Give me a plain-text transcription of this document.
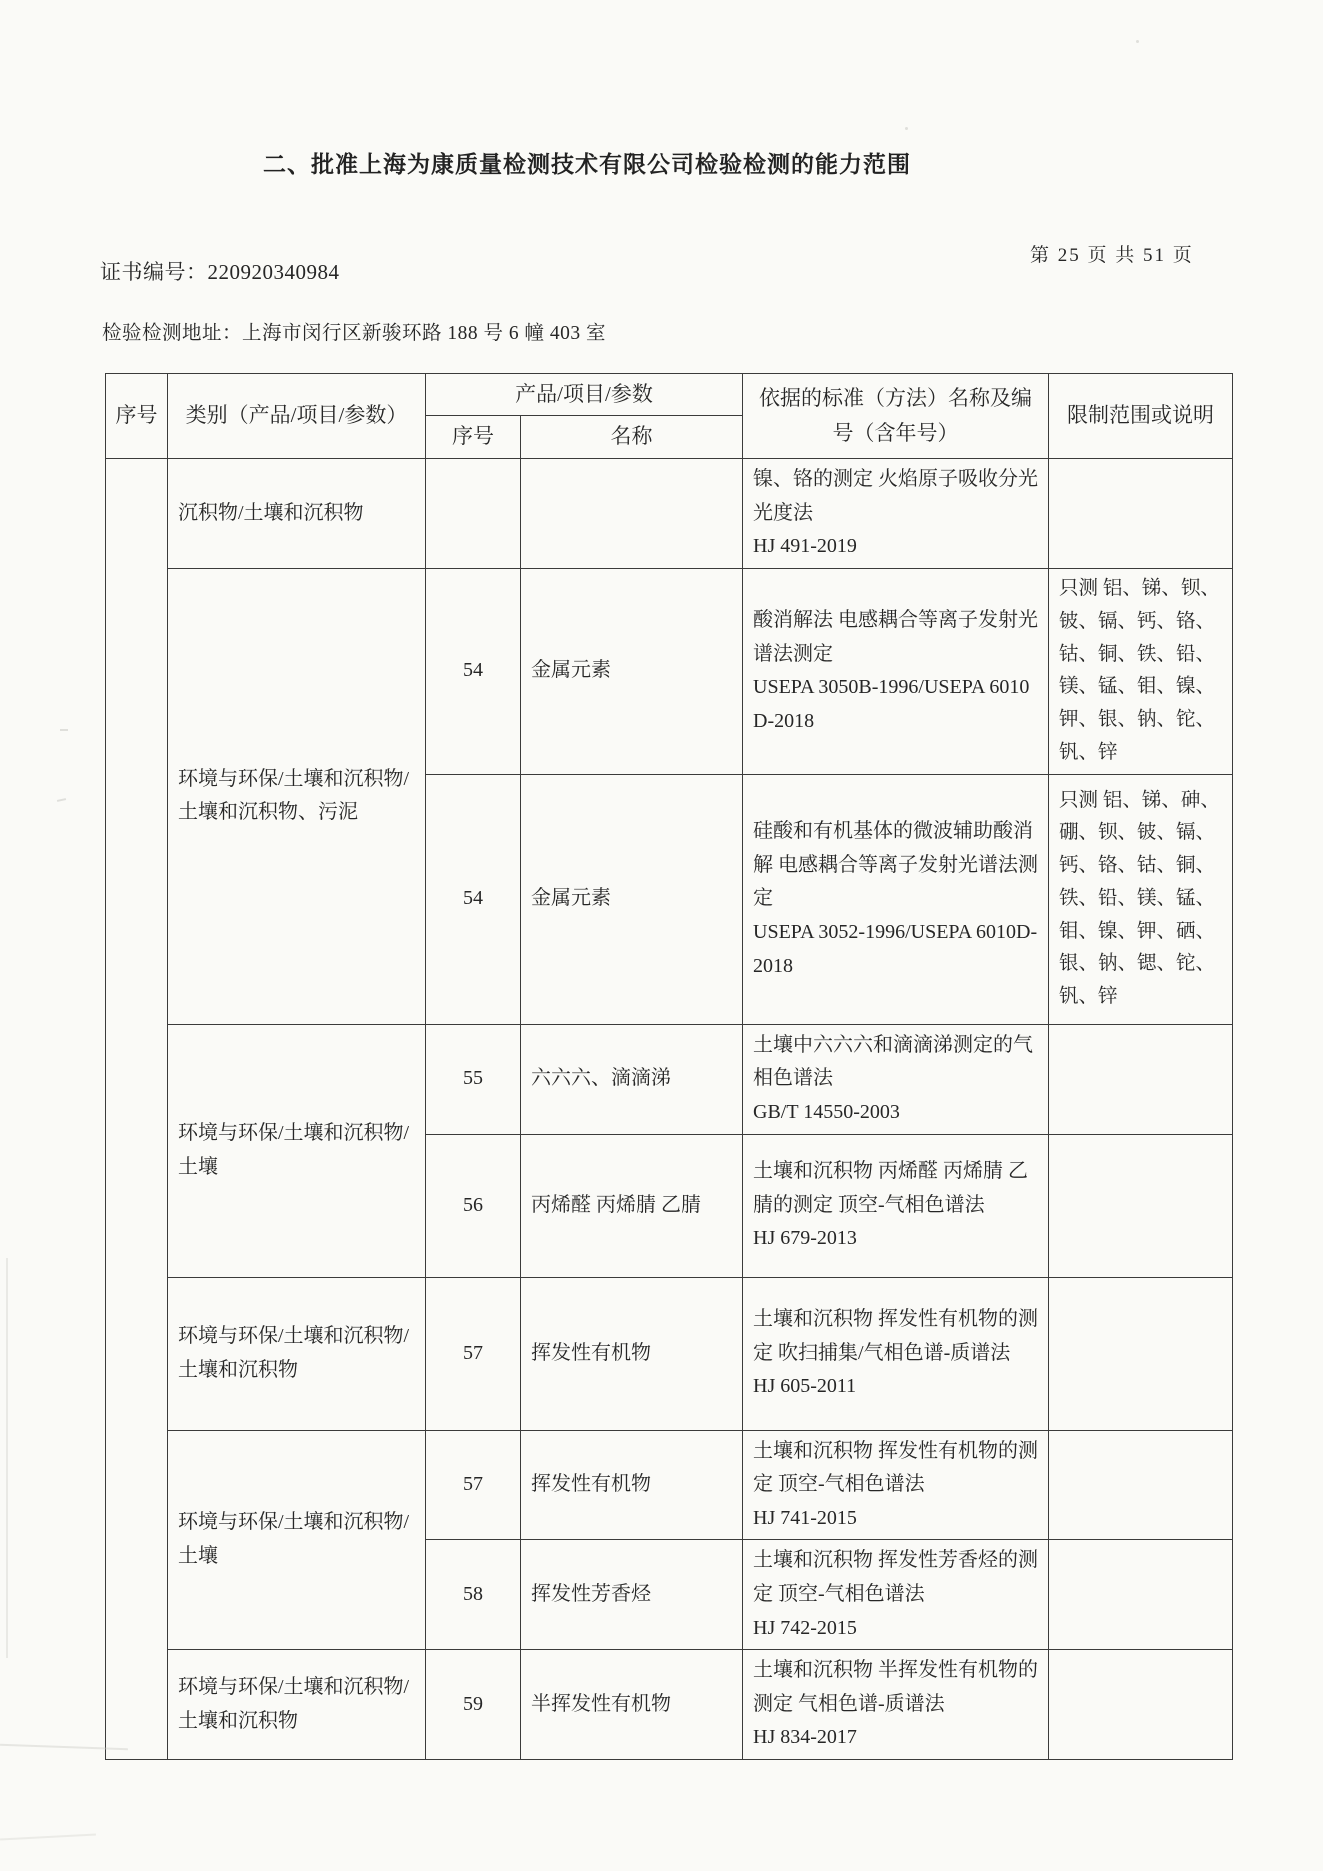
二、批准上海为康质量检测技术有限公司检验检测的能力范围
证书编号：220920340984
第 25 页 共 51 页
检验检测地址：上海市闵行区新骏环路 188 号 6 幢 403 室
序号	类别（产品/项目/参数）	产品/项目/参数		依据的标准（方法）名称及编号（含年号）	限制范围或说明
		序号	名称		
	沉积物/土壤和沉积物			镍、铬的测定 火焰原子吸收分光光度法
HJ 491-2019	

	环境与环保/土壤和沉积物/土壤和沉积物、污泥	54	金属元素	酸消解法 电感耦合等离子发射光谱法测定
USEPA 3050B-1996/USEPA 6010D-2018	只测 铝、锑、钡、铍、镉、钙、铬、钴、铜、铁、铅、镁、锰、钼、镍、钾、银、钠、铊、钒、锌
		54	金属元素	硅酸和有机基体的微波辅助酸消解 电感耦合等离子发射光谱法测定
USEPA 3052-1996/USEPA 6010D-2018	只测 铝、锑、砷、硼、钡、铍、镉、钙、铬、钴、铜、铁、铅、镁、锰、钼、镍、钾、硒、银、钠、锶、铊、钒、锌
	环境与环保/土壤和沉积物/土壤	55	六六六、滴滴涕	土壤中六六六和滴滴涕测定的气相色谱法
GB/T 14550-2003	

		56	丙烯醛 丙烯腈 乙腈	土壤和沉积物 丙烯醛 丙烯腈 乙腈的测定 顶空-气相色谱法
HJ 679-2013	

	环境与环保/土壤和沉积物/土壤和沉积物	57	挥发性有机物	土壤和沉积物 挥发性有机物的测定 吹扫捕集/气相色谱-质谱法
HJ 605-2011	

	环境与环保/土壤和沉积物/土壤	57	挥发性有机物	土壤和沉积物 挥发性有机物的测定 顶空-气相色谱法
HJ 741-2015	

		58	挥发性芳香烃	土壤和沉积物 挥发性芳香烃的测定 顶空-气相色谱法
HJ 742-2015	

	环境与环保/土壤和沉积物/土壤和沉积物	59	半挥发性有机物	土壤和沉积物 半挥发性有机物的测定 气相色谱-质谱法
HJ 834-2017	
